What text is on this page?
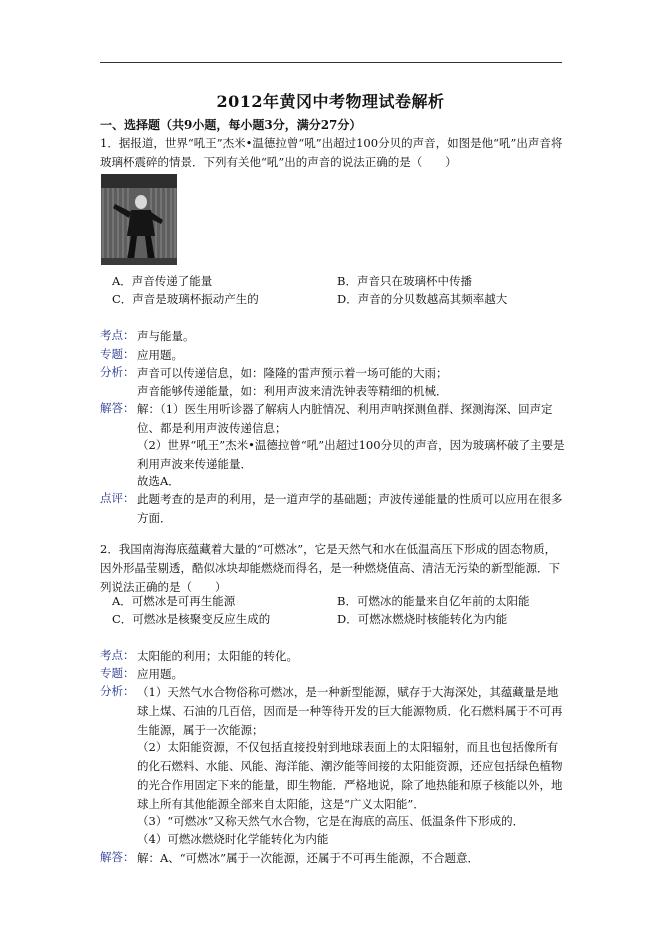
2012年黄冈中考物理试卷解析
一、选择题（共9小题，每小题3分，满分27分）
1．据报道，世界“吼王”杰米•温德拉曾“吼”出超过100分贝的声音，如图是他“吼”出声音将玻璃杯震碎的情景．下列有关他“吼”出的声音的说法正确的是（　　）
A．声音传递了能量	B．声音只在玻璃杯中传播
C．声音是玻璃杯振动产生的	D．声音的分贝数越高其频率越大
考点： 声与能量。
专题： 应用题。
分析： 声音可以传递信息，如：隆隆的雷声预示着一场可能的大雨；
声音能够传递能量，如：利用声波来清洗钟表等精细的机械．
解答： 解：（1）医生用听诊器了解病人内脏情况、利用声呐探测鱼群、探测海深、回声定位、都是利用声波传递信息；
（2）世界“吼王”杰米•温德拉曾“吼”出超过100分贝的声音，因为玻璃杯破了主要是利用声波来传递能量．
故选A．
点评： 此题考查的是声的利用，是一道声学的基础题；声波传递能量的性质可以应用在很多方面．
2．我国南海海底蕴藏着大量的“可燃冰”，它是天然气和水在低温高压下形成的固态物质，因外形晶莹剔透，酷似冰块却能燃烧而得名，是一种燃烧值高、清洁无污染的新型能源．下列说法正确的是（　　）
A．可燃冰是可再生能源	B．可燃冰的能量来自亿年前的太阳能
C．可燃冰是核聚变反应生成的	D．可燃冰燃烧时核能转化为内能
考点： 太阳能的利用；太阳能的转化。
专题： 应用题。
分析： （1）天然气水合物俗称可燃冰，是一种新型能源，赋存于大海深处，其蕴藏量是地球上煤、石油的几百倍，因而是一种等待开发的巨大能源物质．化石燃料属于不可再生能源，属于一次能源；
（2）太阳能资源，不仅包括直接投射到地球表面上的太阳辐射，而且也包括像所有的化石燃料、水能、风能、海洋能、潮汐能等间接的太阳能资源，还应包括绿色植物的光合作用固定下来的能量，即生物能．严格地说，除了地热能和原子核能以外，地球上所有其他能源全部来自太阳能，这是“广义太阳能”．
（3）“可燃冰”又称天然气水合物，它是在海底的高压、低温条件下形成的．
（4）可燃冰燃烧时化学能转化为内能
解答： 解：A、“可燃冰”属于一次能源，还属于不可再生能源，不合题意．
